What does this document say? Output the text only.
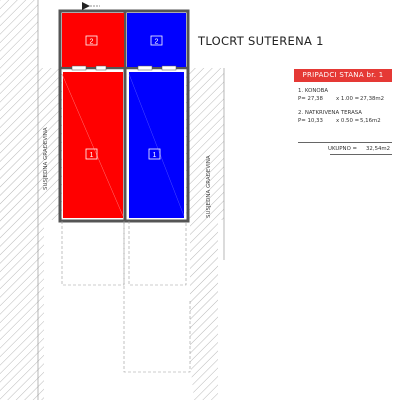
2	2
1	1
SUSJEDNA GRAĐEVINA	SUSJEDNA GRAĐEVINA
TLOCRT SUTERENA 1
PRIPADCI STANA br. 1
1. KONOBA
P= 27,38 x 1.00 = 27,38m2
2. NATKRIVENA TERASA
P= 10,33 x 0.50 = 5,16m2
UKUPNO = 32,54m2
